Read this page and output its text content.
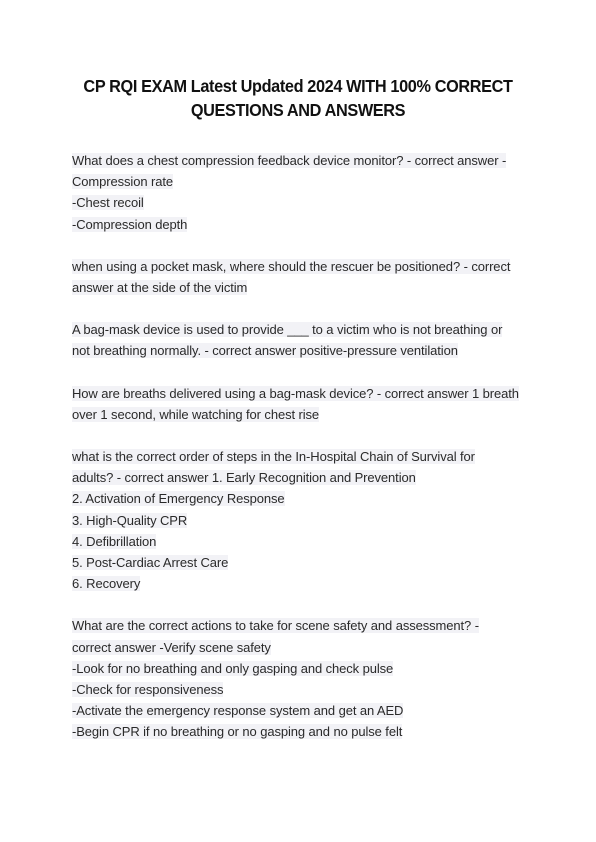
CP RQI EXAM Latest Updated 2024 WITH 100% CORRECT
QUESTIONS AND ANSWERS
What does a chest compression feedback device monitor? - correct answer -
Compression rate
-Chest recoil
-Compression depth
when using a pocket mask, where should the rescuer be positioned? - correct
answer at the side of the victim
A bag-mask device is used to provide ___ to a victim who is not breathing or
not breathing normally. - correct answer positive-pressure ventilation
How are breaths delivered using a bag-mask device? - correct answer 1 breath
over 1 second, while watching for chest rise
what is the correct order of steps in the In-Hospital Chain of Survival for
adults? - correct answer 1. Early Recognition and Prevention
2. Activation of Emergency Response
3. High-Quality CPR
4. Defibrillation
5. Post-Cardiac Arrest Care
6. Recovery
What are the correct actions to take for scene safety and assessment? -
correct answer -Verify scene safety
-Look for no breathing and only gasping and check pulse
-Check for responsiveness
-Activate the emergency response system and get an AED
-Begin CPR if no breathing or no gasping and no pulse felt
